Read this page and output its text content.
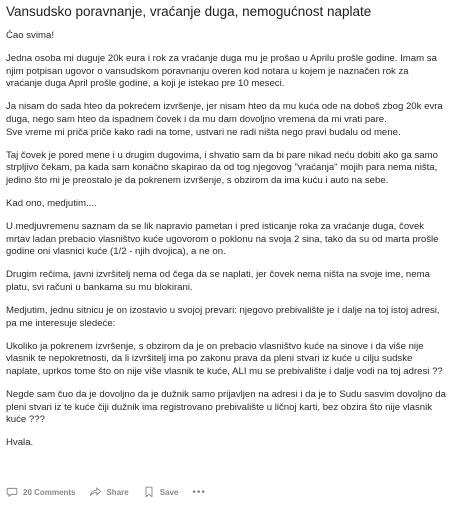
Vansudsko poravnanje, vraćanje duga, nemogućnost naplate

Ćao svima!

Jedna osoba mi duguje 20k eura i rok za vraćanje duga mu je prošao u Aprilu prošle godine. Imam sa
njim potpisan ugovor o vansudskom poravnanju overen kod notara u kojem je naznačen rok za
vraćanje duga April prošle godine, a koji je istekao pre 10 meseci.

Ja nisam do sada hteo da pokrećem izvršenje, jer nisam hteo da mu kuća ode na doboš zbog 20k evra
duga, nego sam hteo da ispadnem čovek i da mu dam dovoljno vremena da mi vrati pare.
Sve vreme mi priča priče kako radi na tome, ustvari ne radi ništa nego pravi budalu od mene.

Taj čovek je pored mene i u drugim dugovima, i shvatio sam da bi pare nikad neću dobiti ako ga samo
strpljivo čekam, pa kada sam konačno skapirao da od tog njegovog "vraćanja" mojih para nema ništa,
jedino što mi je preostalo je da pokrenem izvršenje, s obzirom da ima kuću i auto na sebe.

Kad ono, medjutim....

U medjuvremenu saznam da se lik napravio pametan i pred isticanje roka za vraćanje duga, čovek
mrtav ladan prebacio vlasništvo kuće ugovorom o poklonu na svoja 2 sina, tako da su od marta prošle
godine oni vlasnici kuće (1/2 - njih dvojica), a ne on.

Drugim rečima, javni izvršitelj nema od čega da se naplati, jer čovek nema ništa na svoje ime, nema
platu, svi računi u bankama su mu blokirani.

Medjutim, jednu sitnicu je on izostavio u svojoj prevari: njegovo prebivalište je i dalje na toj istoj adresi,
pa me interesuje sledeće:

Ukoliko ja pokrenem izvršenje, s obzirom da je on prebacio vlasništvo kuće na sinove i da više nije
vlasnik te nepokretnosti, da li izvršitelj ima po zakonu prava da pleni stvari iz kuće u cilju sudske
naplate, uprkos tome što on nije više vlasnik te kuće, ALI mu se prebivalište i dalje vodi na toj adresi ??

Negde sam čuo da je dovoljno da je dužnik samo prijavljen na adresi i da je to Sudu sasvim dovoljno da
pleni stvari iz te kuće čiji dužnik ima registrovano prebivalište u ličnoj karti, bez obzira što nije vlasnik
kuće ???

Hvala.

20 Comments	Share	Save •••
